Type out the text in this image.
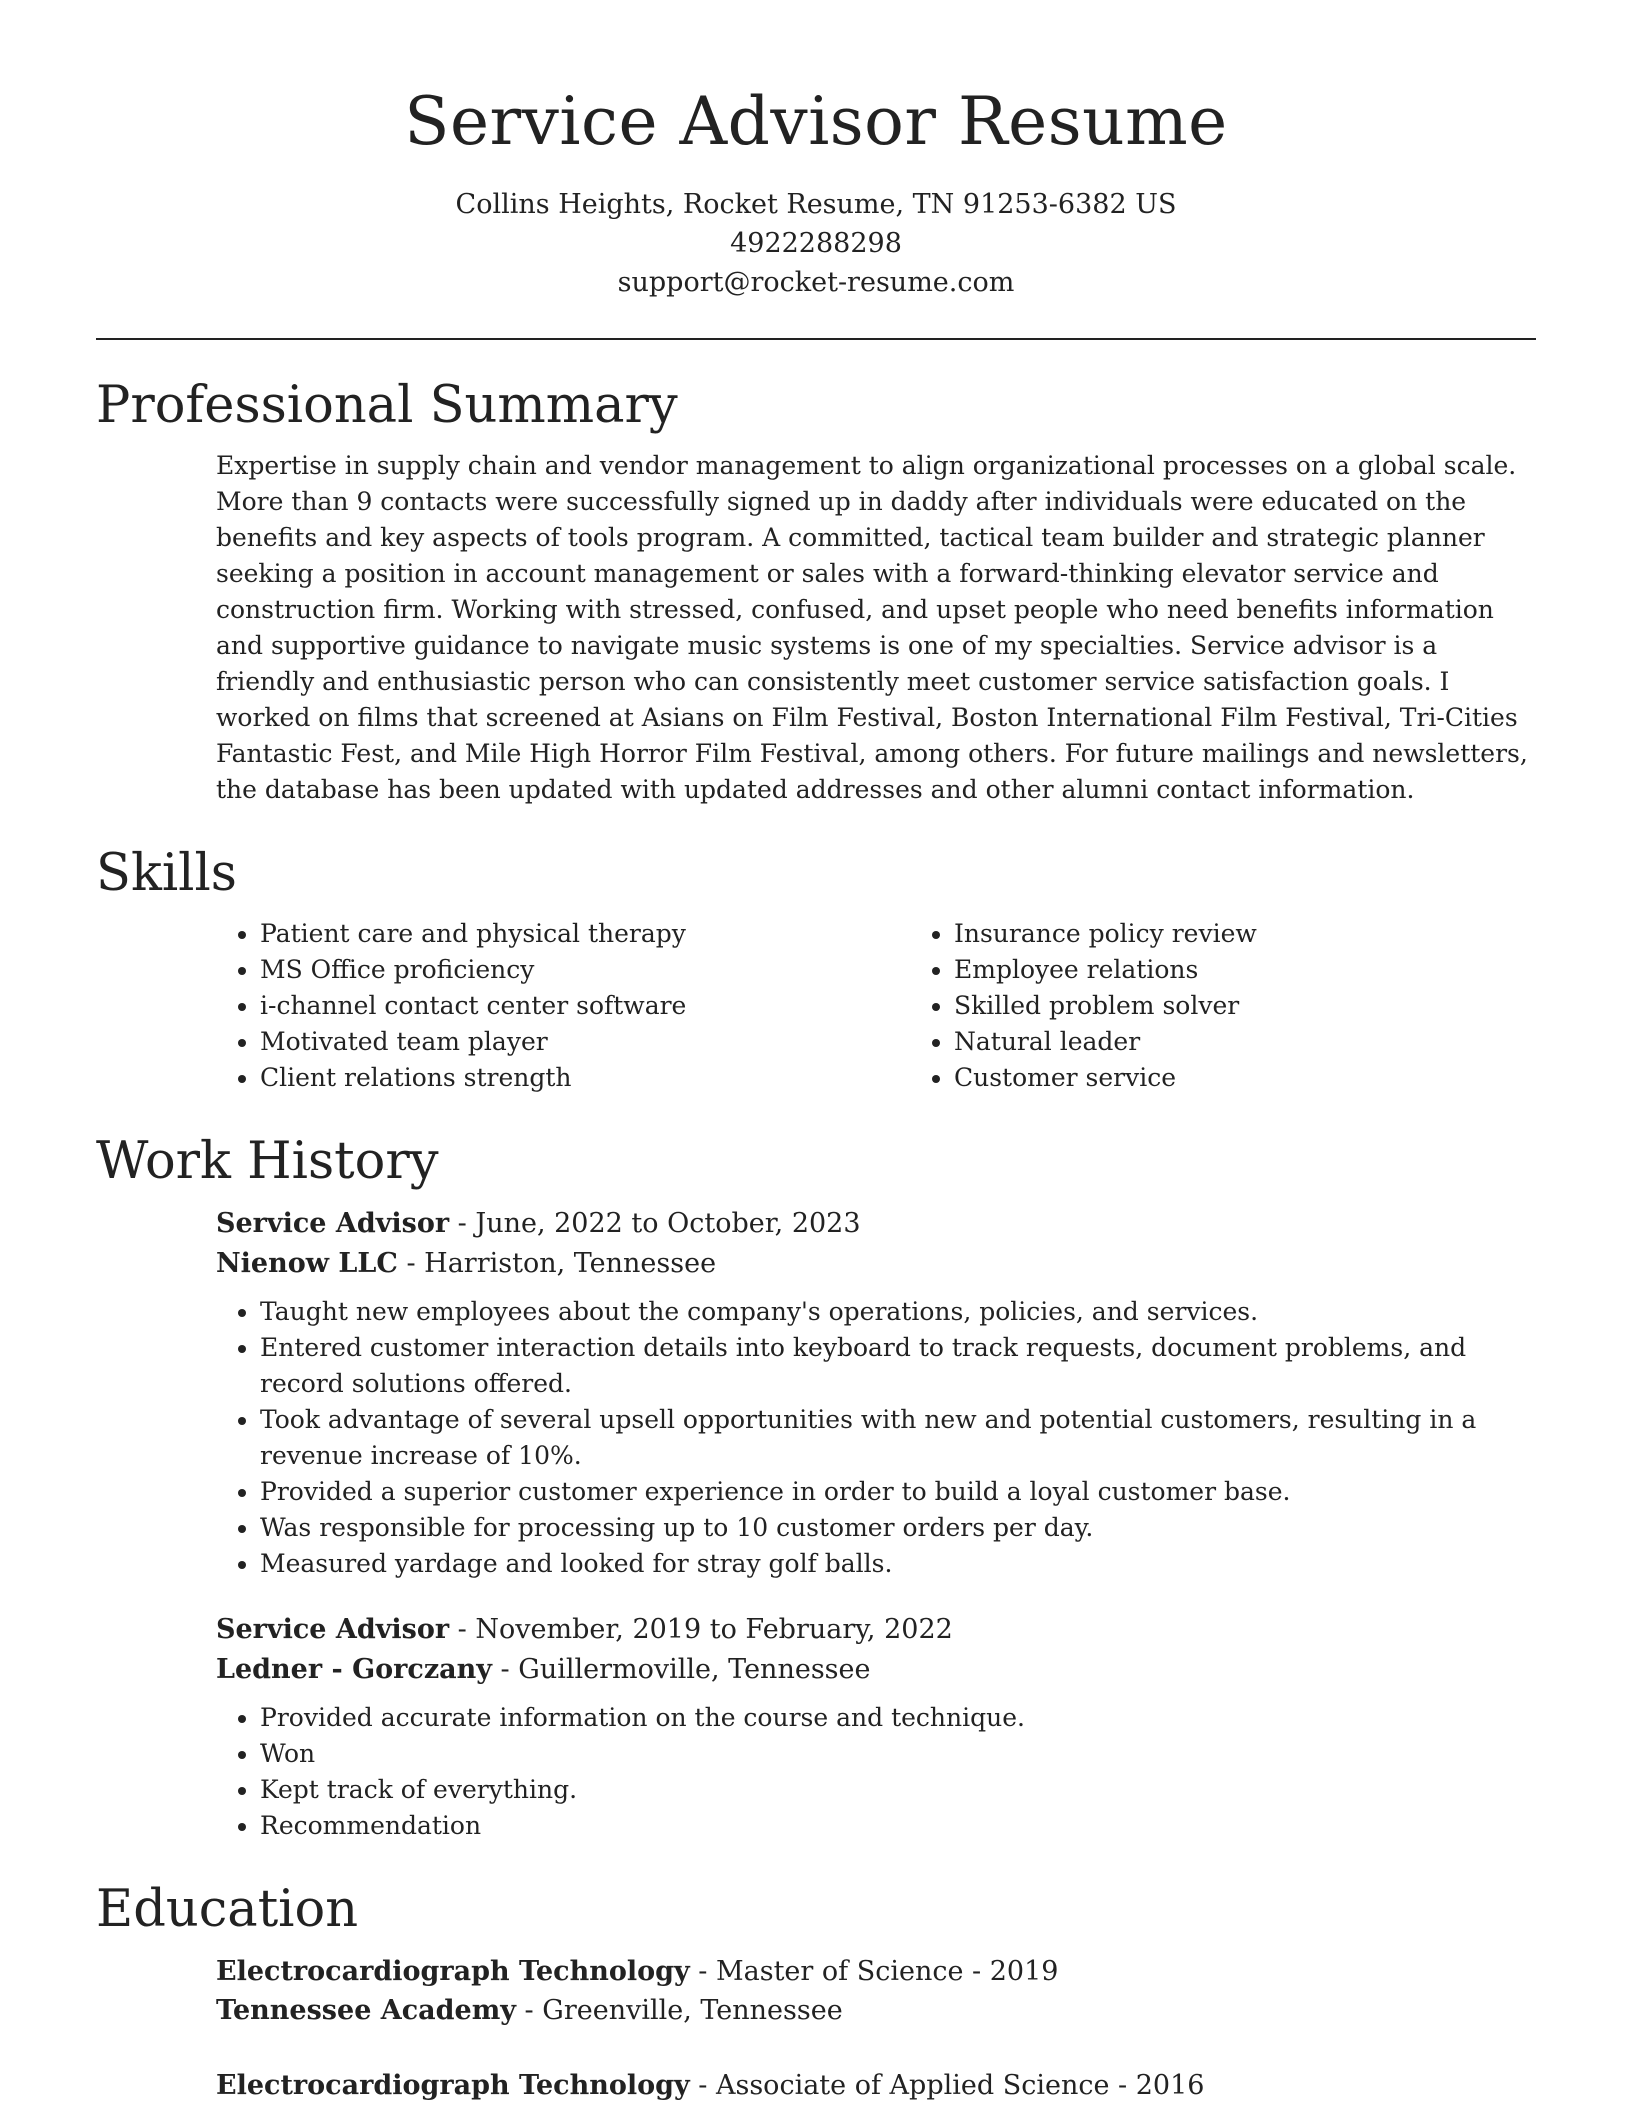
Service Advisor Resume
Collins Heights, Rocket Resume, TN 91253-6382 US
4922288298
support@rocket-resume.com
Professional Summary

Expertise in supply chain and vendor management to align organizational processes on a global scale. More than 9 contacts were successfully signed up in daddy after individuals were educated on the benefits and key aspects of tools program. A committed, tactical team builder and strategic planner seeking a position in account management or sales with a forward-thinking elevator service and construction firm. Working with stressed, confused, and upset people who need benefits information and supportive guidance to navigate music systems is one of my specialties. Service advisor is a friendly and enthusiastic person who can consistently meet customer service satisfaction goals. I worked on films that screened at Asians on Film Festival, Boston International Film Festival, Tri-Cities Fantastic Fest, and Mile High Horror Film Festival, among others. For future mailings and newsletters, the database has been updated with updated addresses and other alumni contact information.

Skills
• Patient care and physical therapy
• MS Office proficiency
• i-channel contact center software
• Motivated team player
• Client relations strength
• Insurance policy review
• Employee relations
• Skilled problem solver
• Natural leader
• Customer service
Work History
Service Advisor - June, 2022 to October, 2023
Nienow LLC - Harriston, Tennessee
• Taught new employees about the company's operations, policies, and services.
• Entered customer interaction details into keyboard to track requests, document problems, and record solutions offered.
• Took advantage of several upsell opportunities with new and potential customers, resulting in a revenue increase of 10%.
• Provided a superior customer experience in order to build a loyal customer base.
• Was responsible for processing up to 10 customer orders per day.
• Measured yardage and looked for stray golf balls.
Service Advisor - November, 2019 to February, 2022
Ledner - Gorczany - Guillermoville, Tennessee
• Provided accurate information on the course and technique.
• Won
• Kept track of everything.
• Recommendation
Education
Electrocardiograph Technology - Master of Science - 2019
Tennessee Academy - Greenville, Tennessee
Electrocardiograph Technology - Associate of Applied Science - 2016
